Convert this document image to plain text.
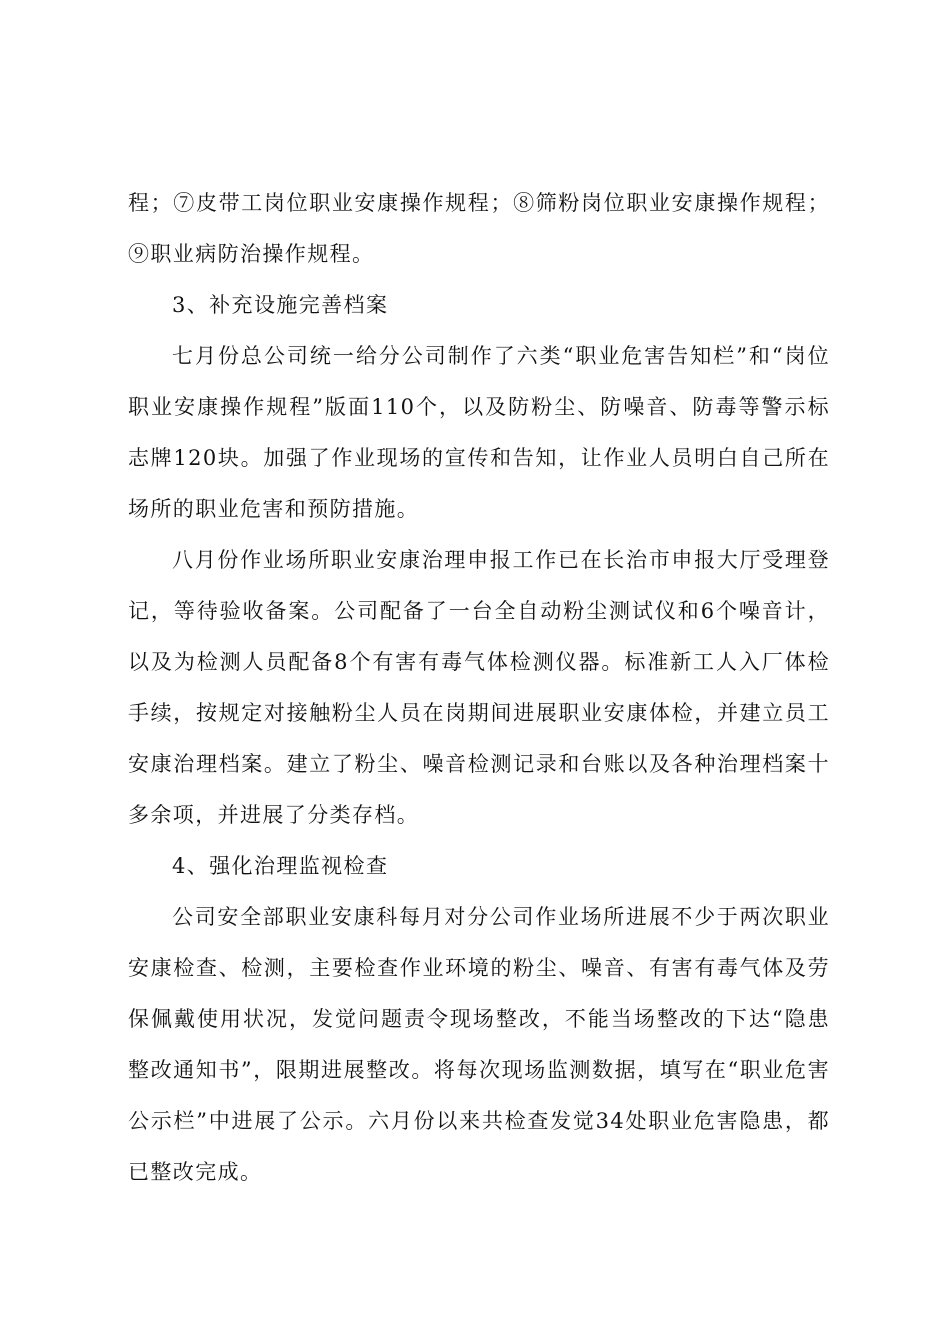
程；⑦皮带工岗位职业安康操作规程；⑧筛粉岗位职业安康操作规程；⑨职业病防治操作规程。

3、补充设施完善档案

七月份总公司统一给分公司制作了六类“职业危害告知栏”和“岗位职业安康操作规程”版面110个，以及防粉尘、防噪音、防毒等警示标志牌120块。加强了作业现场的宣传和告知，让作业人员明白自己所在场所的职业危害和预防措施。

八月份作业场所职业安康治理申报工作已在长治市申报大厅受理登记，等待验收备案。公司配备了一台全自动粉尘测试仪和6个噪音计，以及为检测人员配备8个有害有毒气体检测仪器。标准新工人入厂体检手续，按规定对接触粉尘人员在岗期间进展职业安康体检，并建立员工安康治理档案。建立了粉尘、噪音检测记录和台账以及各种治理档案十多余项，并进展了分类存档。

4、强化治理监视检查

公司安全部职业安康科每月对分公司作业场所进展不少于两次职业安康检查、检测，主要检查作业环境的粉尘、噪音、有害有毒气体及劳保佩戴使用状况，发觉问题责令现场整改，不能当场整改的下达“隐患整改通知书”，限期进展整改。将每次现场监测数据，填写在“职业危害公示栏”中进展了公示。六月份以来共检查发觉34处职业危害隐患，都已整改完成。
